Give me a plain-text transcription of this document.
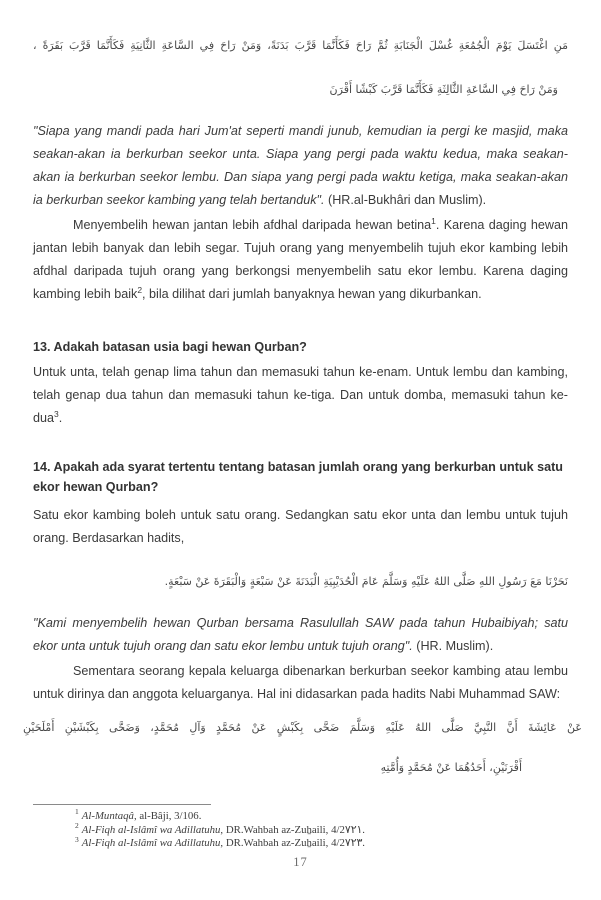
مَنِ اغْتَسَلَ يَوْمَ الْجُمُعَةِ غُسْلَ الْجَنَابَةِ ثُمَّ رَاحَ فَكَأَنَّمَا قَرَّبَ بَدَنَةً، وَمَنْ رَاحَ فِي السَّاعَةِ الثَّانِيَةِ فَكَأَنَّمَا قَرَّبَ بَقَرَةً ،
وَمَنْ رَاحَ فِي السَّاعَةِ الثَّالِثَةِ فَكَأَنَّمَا قَرَّبَ كَبْشًا أَقْرَنَ

"Siapa yang mandi pada hari Jum'at seperti mandi junub, kemudian ia pergi ke masjid, maka seakan-akan ia berkurban seekor unta. Siapa yang pergi pada waktu kedua, maka seakan-akan ia berkurban seekor lembu. Dan siapa yang pergi pada waktu ketiga, maka seakan-akan ia berkurban seekor kambing yang telah bertanduk". (HR.al-Bukhâri dan Muslim).

Menyembelih hewan jantan lebih afdhal daripada hewan betina$^1$. Karena daging hewan jantan lebih banyak dan lebih segar. Tujuh orang yang menyembelih tujuh ekor kambing lebih afdhal daripada tujuh orang yang berkongsi menyembelih satu ekor lembu. Karena daging kambing lebih baik$^2$, bila dilihat dari jumlah banyaknya hewan yang dikurbankan.

13. Adakah batasan usia bagi hewan Qurban?

Untuk unta, telah genap lima tahun dan memasuki tahun ke-enam. Untuk lembu dan kambing, telah genap dua tahun dan memasuki tahun ke-tiga. Dan untuk domba, memasuki tahun ke-dua$^3$.

14. Apakah ada syarat tertentu tentang batasan jumlah orang yang berkurban untuk satu ekor hewan Qurban?

Satu ekor kambing boleh untuk satu orang. Sedangkan satu ekor unta dan lembu untuk tujuh orang. Berdasarkan hadits,

نَحَرْنَا مَعَ رَسُولِ اللهِ صَلَّى اللهُ عَلَيْهِ وَسَلَّمَ عَامَ الْحُدَيْبِيَةِ الْبَدَنَةَ عَنْ سَبْعَةٍ وَالْبَقَرَةَ عَنْ سَبْعَةٍ.

"Kami menyembelih hewan Qurban bersama Rasulullah SAW pada tahun Hubaibiyah; satu ekor unta untuk tujuh orang dan satu ekor lembu untuk tujuh orang". (HR. Muslim).

Sementara seorang kepala keluarga dibenarkan berkurban seekor kambing atau lembu untuk dirinya dan anggota keluarganya. Hal ini didasarkan pada hadits Nabi Muhammad SAW:

عَنْ عَائِشَةَ أَنَّ النَّبِيَّ صَلَّى اللهُ عَلَيْهِ وَسَلَّمَ ضَحَّى بِكَبْشٍ عَنْ مُحَمَّدٍ وَآلِ مُحَمَّدٍ، وَضَحَّى بِكَبْشَيْنِ أَمْلَحَيْنِ
أَقْرَنَيْنِ، أَحَدُهُمَا عَنْ مُحَمَّدٍ وَأُمَّتِهِ
$^1$ Al-Muntaqâ, al-Bâji, 3/106.
$^2$ Al-Fiqh al-Islâmî wa Adillatuhu, DR.Wahbah az-Zuẖaili, 4/2٧٢١.
$^3$ Al-Fiqh al-Islâmî wa Adillatuhu, DR.Wahbah az-Zuẖaili, 4/2٧٢٣.
17
